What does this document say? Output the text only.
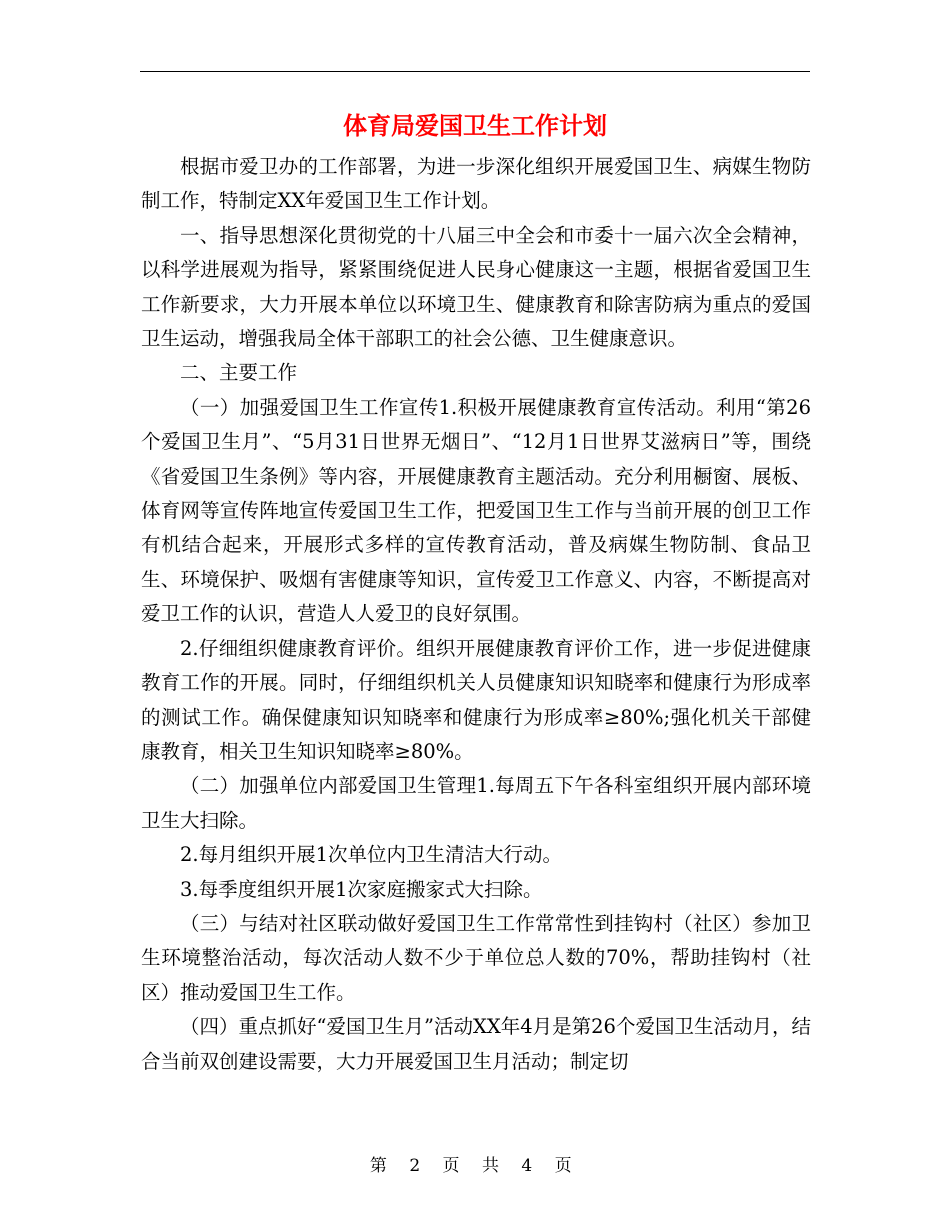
体育局爱国卫生工作计划

根据市爱卫办的工作部署，为进一步深化组织开展爱国卫生、病媒生物防制工作，特制定XX年爱国卫生工作计划。

一、指导思想深化贯彻党的十八届三中全会和市委十一届六次全会精神，以科学进展观为指导，紧紧围绕促进人民身心健康这一主题，根据省爱国卫生工作新要求，大力开展本单位以环境卫生、健康教育和除害防病为重点的爱国卫生运动，增强我局全体干部职工的社会公德、卫生健康意识。

二、主要工作

（一）加强爱国卫生工作宣传1.积极开展健康教育宣传活动。利用“第26个爱国卫生月”、“5月31日世界无烟日”、“12月1日世界艾滋病日”等，围绕《省爱国卫生条例》等内容，开展健康教育主题活动。充分利用橱窗、展板、体育网等宣传阵地宣传爱国卫生工作，把爱国卫生工作与当前开展的创卫工作有机结合起来，开展形式多样的宣传教育活动，普及病媒生物防制、食品卫生、环境保护、吸烟有害健康等知识，宣传爱卫工作意义、内容，不断提高对爱卫工作的认识，营造人人爱卫的良好氛围。

2.仔细组织健康教育评价。组织开展健康教育评价工作，进一步促进健康教育工作的开展。同时，仔细组织机关人员健康知识知晓率和健康行为形成率的测试工作。确保健康知识知晓率和健康行为形成率≥80%;强化机关干部健康教育，相关卫生知识知晓率≥80%。

（二）加强单位内部爱国卫生管理1.每周五下午各科室组织开展内部环境卫生大扫除。

2.每月组织开展1次单位内卫生清洁大行动。

3.每季度组织开展1次家庭搬家式大扫除。

（三）与结对社区联动做好爱国卫生工作常常性到挂钩村（社区）参加卫生环境整治活动，每次活动人数不少于单位总人数的70%，帮助挂钩村（社区）推动爱国卫生工作。

（四）重点抓好“爱国卫生月”活动XX年4月是第26个爱国卫生活动月，结合当前双创建设需要，大力开展爱国卫生月活动；制定切

第 2 页 共 4 页
